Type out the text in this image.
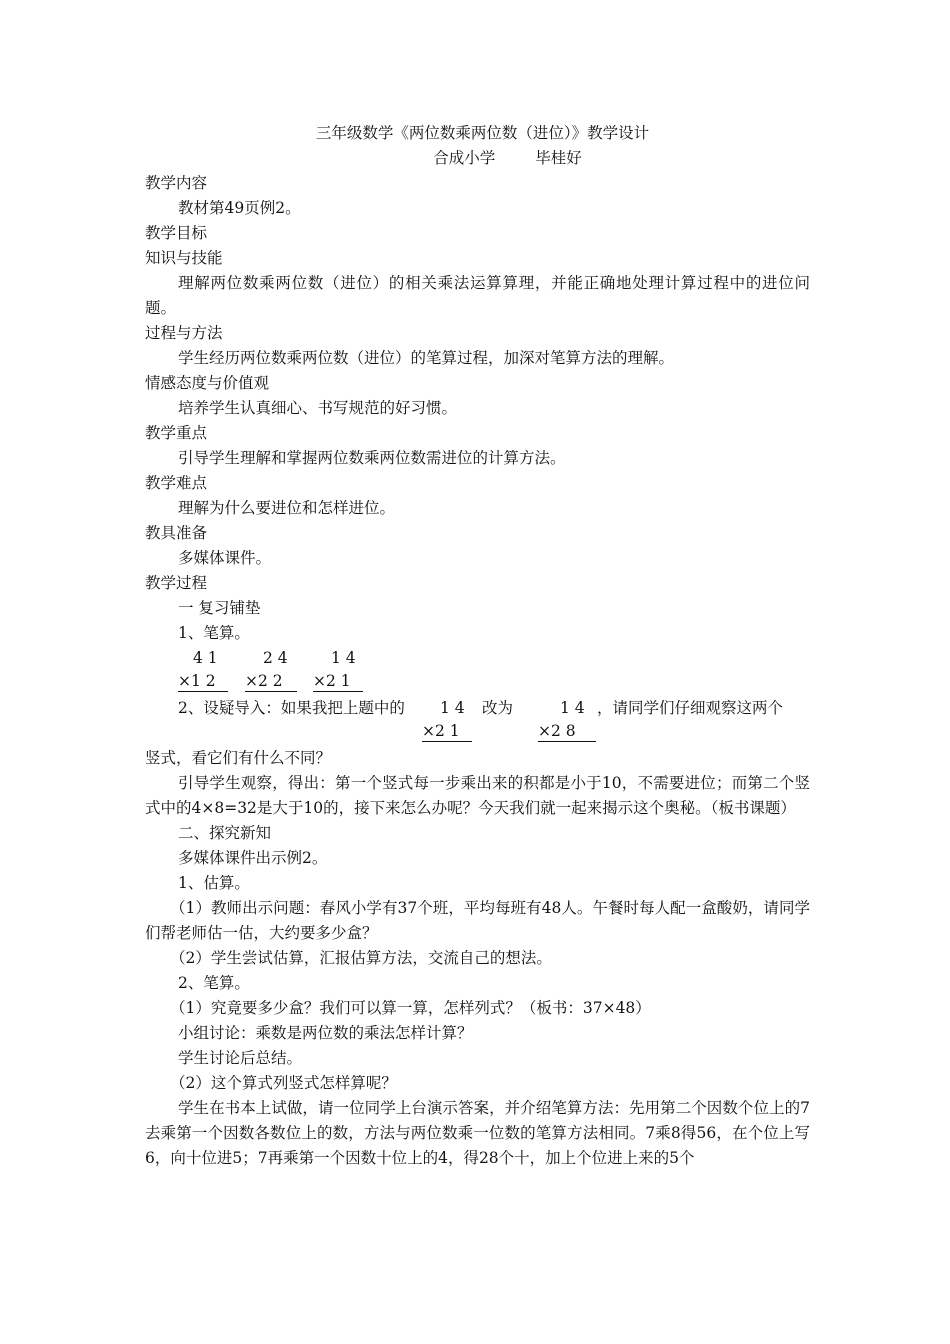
三年级数学《两位数乘两位数（进位）》教学设计
合成小学	毕桂好
教学内容
教材第49页例2。
教学目标
知识与技能
理解两位数乘两位数（进位）的相关乘法运算算理，并能正确地处理计算过程中的进位问题。
过程与方法
学生经历两位数乘两位数（进位）的笔算过程，加深对笔算方法的理解。
情感态度与价值观
培养学生认真细心、书写规范的好习惯。
教学重点
引导学生理解和掌握两位数乘两位数需进位的计算方法。
教学难点
理解为什么要进位和怎样进位。
教具准备
多媒体课件。
教学过程
一 复习铺垫
1、笔算。
4 1	2 4	1 4
×1 2	×2 2	×2 1
2、设疑导入：如果我把上题中的 1 4 改为	1 4 ，请同学们仔细观察这两个
×2 1	×2 8
竖式，看它们有什么不同？
引导学生观察，得出：第一个竖式每一步乘出来的积都是小于10，不需要进位；而第二个竖式中的4×8=32是大于10的，接下来怎么办呢？今天我们就一起来揭示这个奥秘。（板书课题）
二、探究新知
多媒体课件出示例2。
1、估算。
（1）教师出示问题：春风小学有37个班，平均每班有48人。午餐时每人配一盒酸奶，请同学们帮老师估一估，大约要多少盒？
（2）学生尝试估算，汇报估算方法，交流自己的想法。
2、笔算。
（1）究竟要多少盒？我们可以算一算，怎样列式？（板书：37×48）
小组讨论：乘数是两位数的乘法怎样计算？
学生讨论后总结。
（2）这个算式列竖式怎样算呢？
学生在书本上试做，请一位同学上台演示答案，并介绍笔算方法：先用第二个因数个位上的7去乘第一个因数各数位上的数，方法与两位数乘一位数的笔算方法相同。7乘8得56，在个位上写6，向十位进5；7再乘第一个因数十位上的4，得28个十，加上个位进上来的5个
